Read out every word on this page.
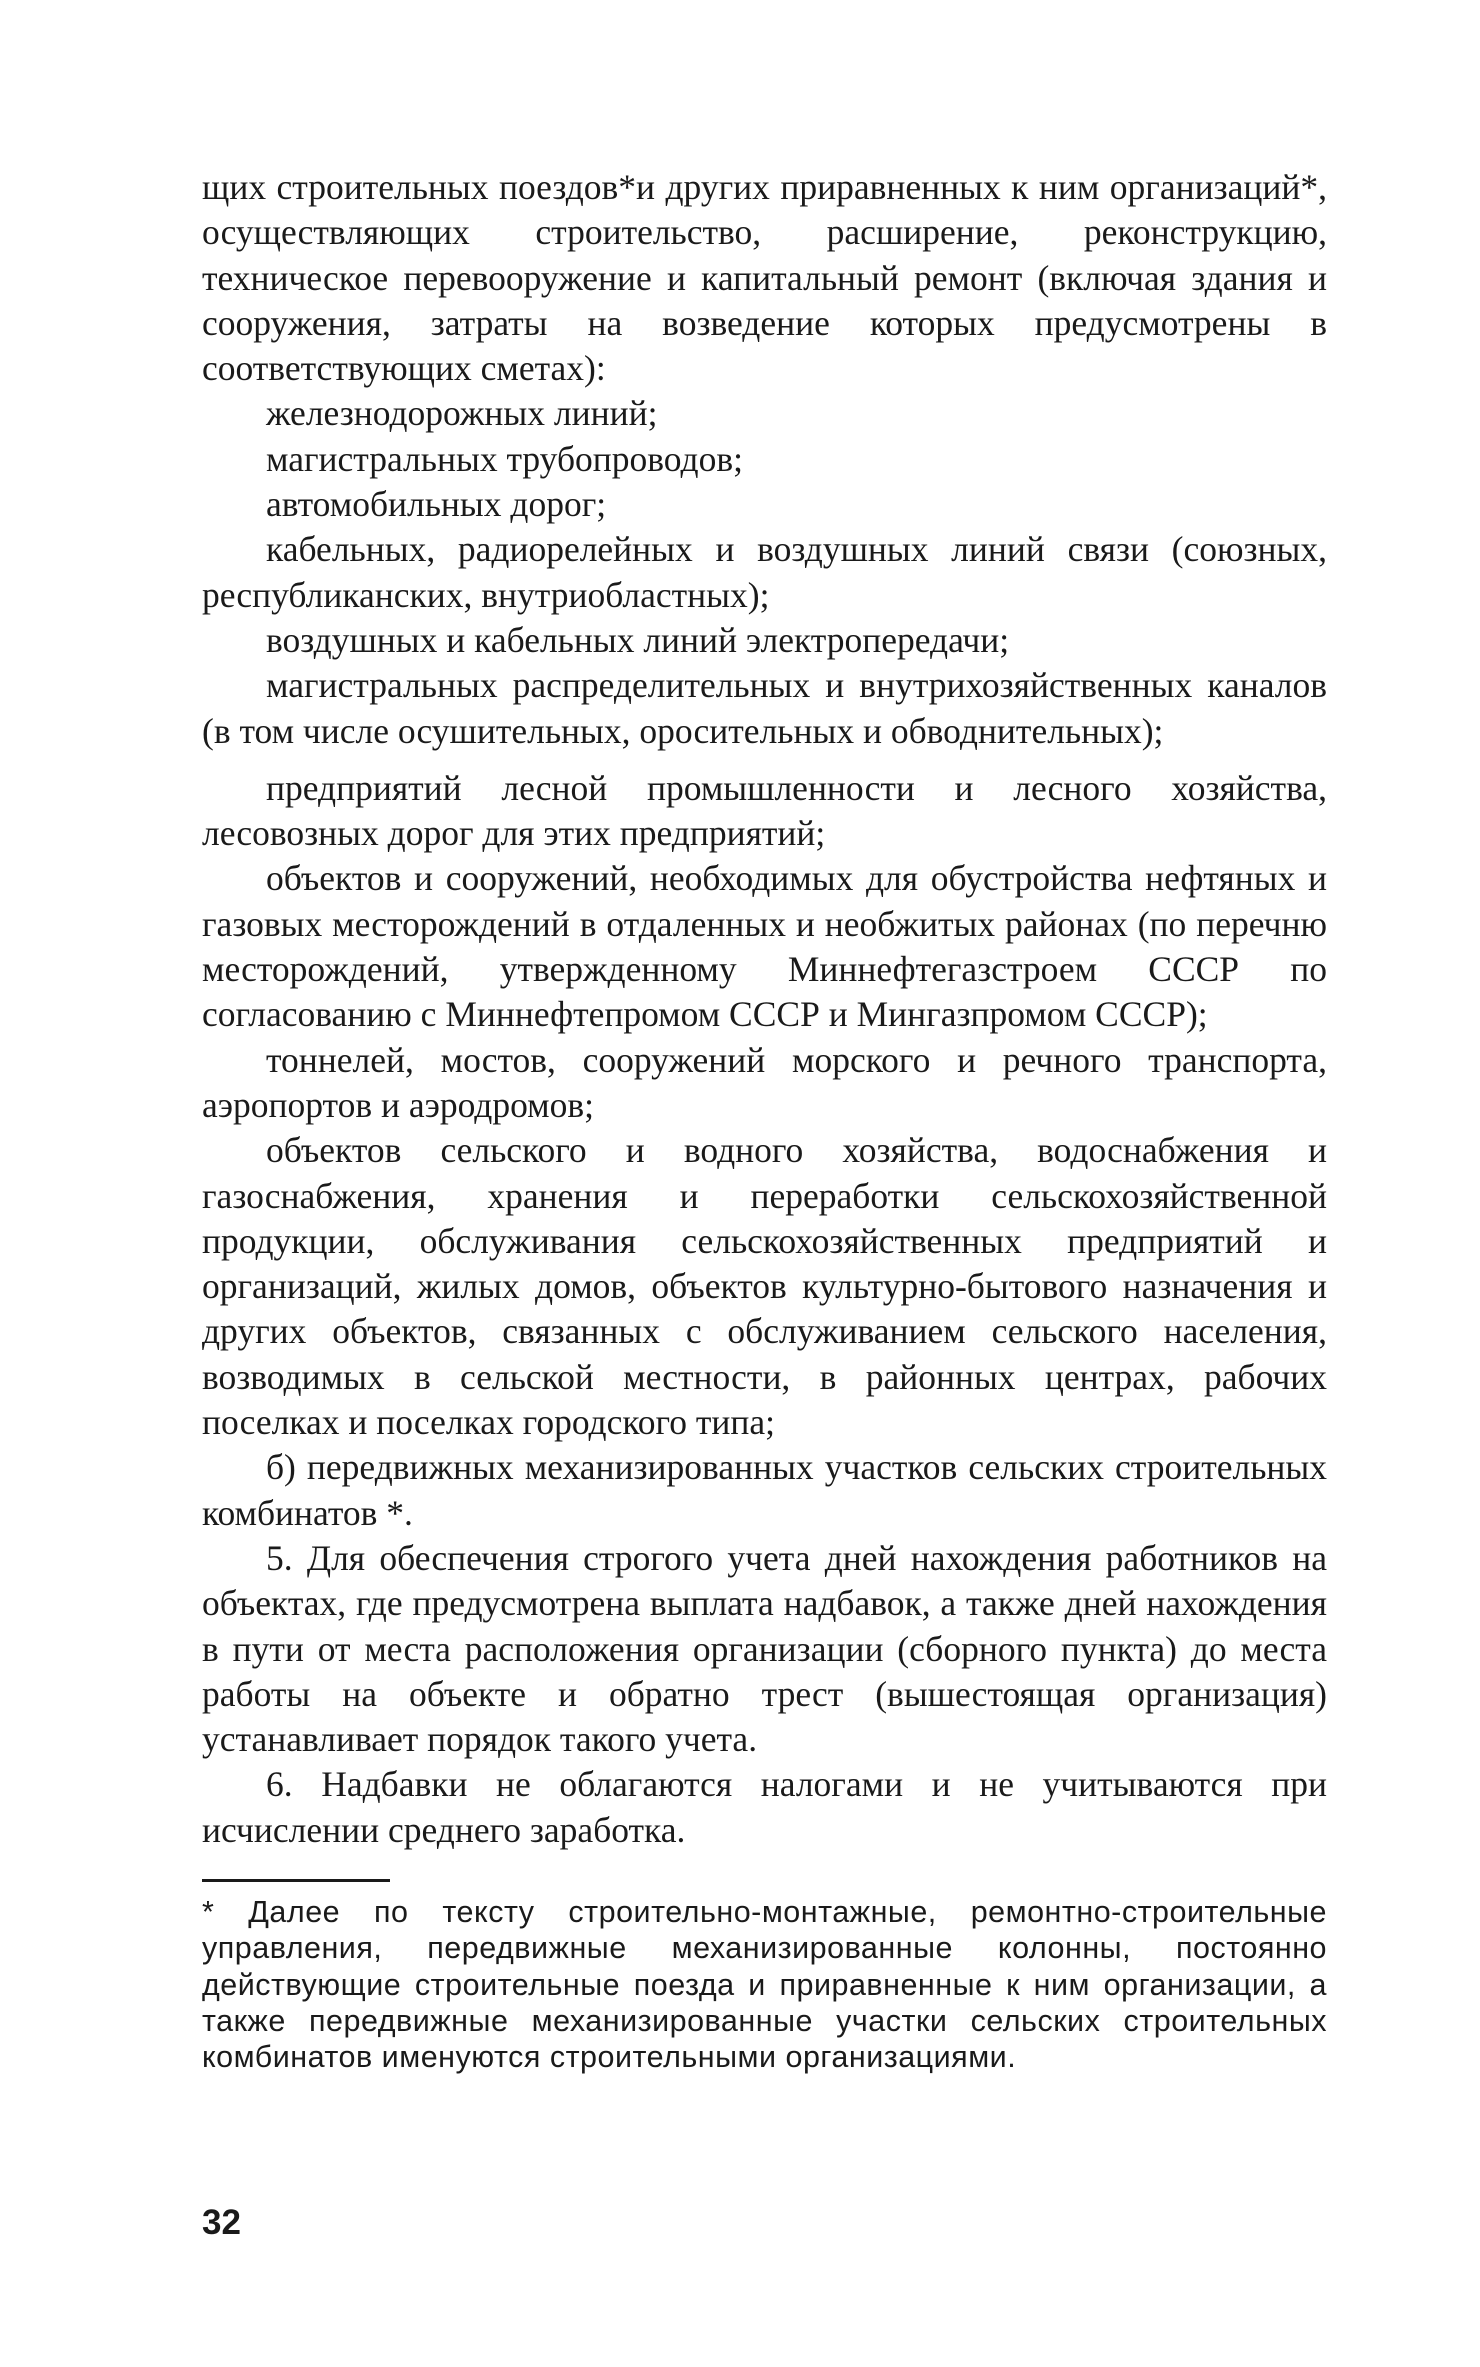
щих строительных поездов*и других приравненных к ним организаций*, осуществляющих строительство, расширение, реконструкцию, техническое перевооружение и капитальный ремонт (включая здания и сооружения, затраты на возведение которых предусмотрены в соответствующих сметах):

железнодорожных линий;

магистральных трубопроводов;

автомобильных дорог;

кабельных, радиорелейных и воздушных линий связи (союзных, республиканских, внутриобластных);

воздушных и кабельных линий электропередачи;

магистральных распределительных и внутрихозяйственных каналов (в том числе осушительных, оросительных и обводнительных);

предприятий лесной промышленности и лесного хозяйства, лесовозных дорог для этих предприятий;

объектов и сооружений, необходимых для обустройства нефтяных и газовых месторождений в отдаленных и необжитых районах (по перечню месторождений, утвержденному Миннефтегазстроем СССР по согласованию с Миннефтепромом СССР и Мингазпромом СССР);

тоннелей, мостов, сооружений морского и речного транспорта, аэропортов и аэродромов;

объектов сельского и водного хозяйства, водоснабжения и газоснабжения, хранения и переработки сельскохозяйственной продукции, обслуживания сельскохозяйственных предприятий и организаций, жилых домов, объектов культурно-бытового назначения и других объектов, связанных с обслуживанием сельского населения, возводимых в сельской местности, в районных центрах, рабочих поселках и поселках городского типа;

б) передвижных механизированных участков сельских строительных комбинатов *.

5. Для обеспечения строгого учета дней нахождения работников на объектах, где предусмотрена выплата надбавок, а также дней нахождения в пути от места расположения организации (сборного пункта) до места работы на объекте и обратно трест (вышестоящая организация) устанавливает порядок такого учета.

6. Надбавки не облагаются налогами и не учитываются при исчислении среднего заработка.

* Далее по тексту строительно-монтажные, ремонтно-строительные управления, передвижные механизированные колонны, постоянно действующие строительные поезда и приравненные к ним организации, а также передвижные механизированные участки сельских строительных комбинатов именуются строительными организациями.

32
